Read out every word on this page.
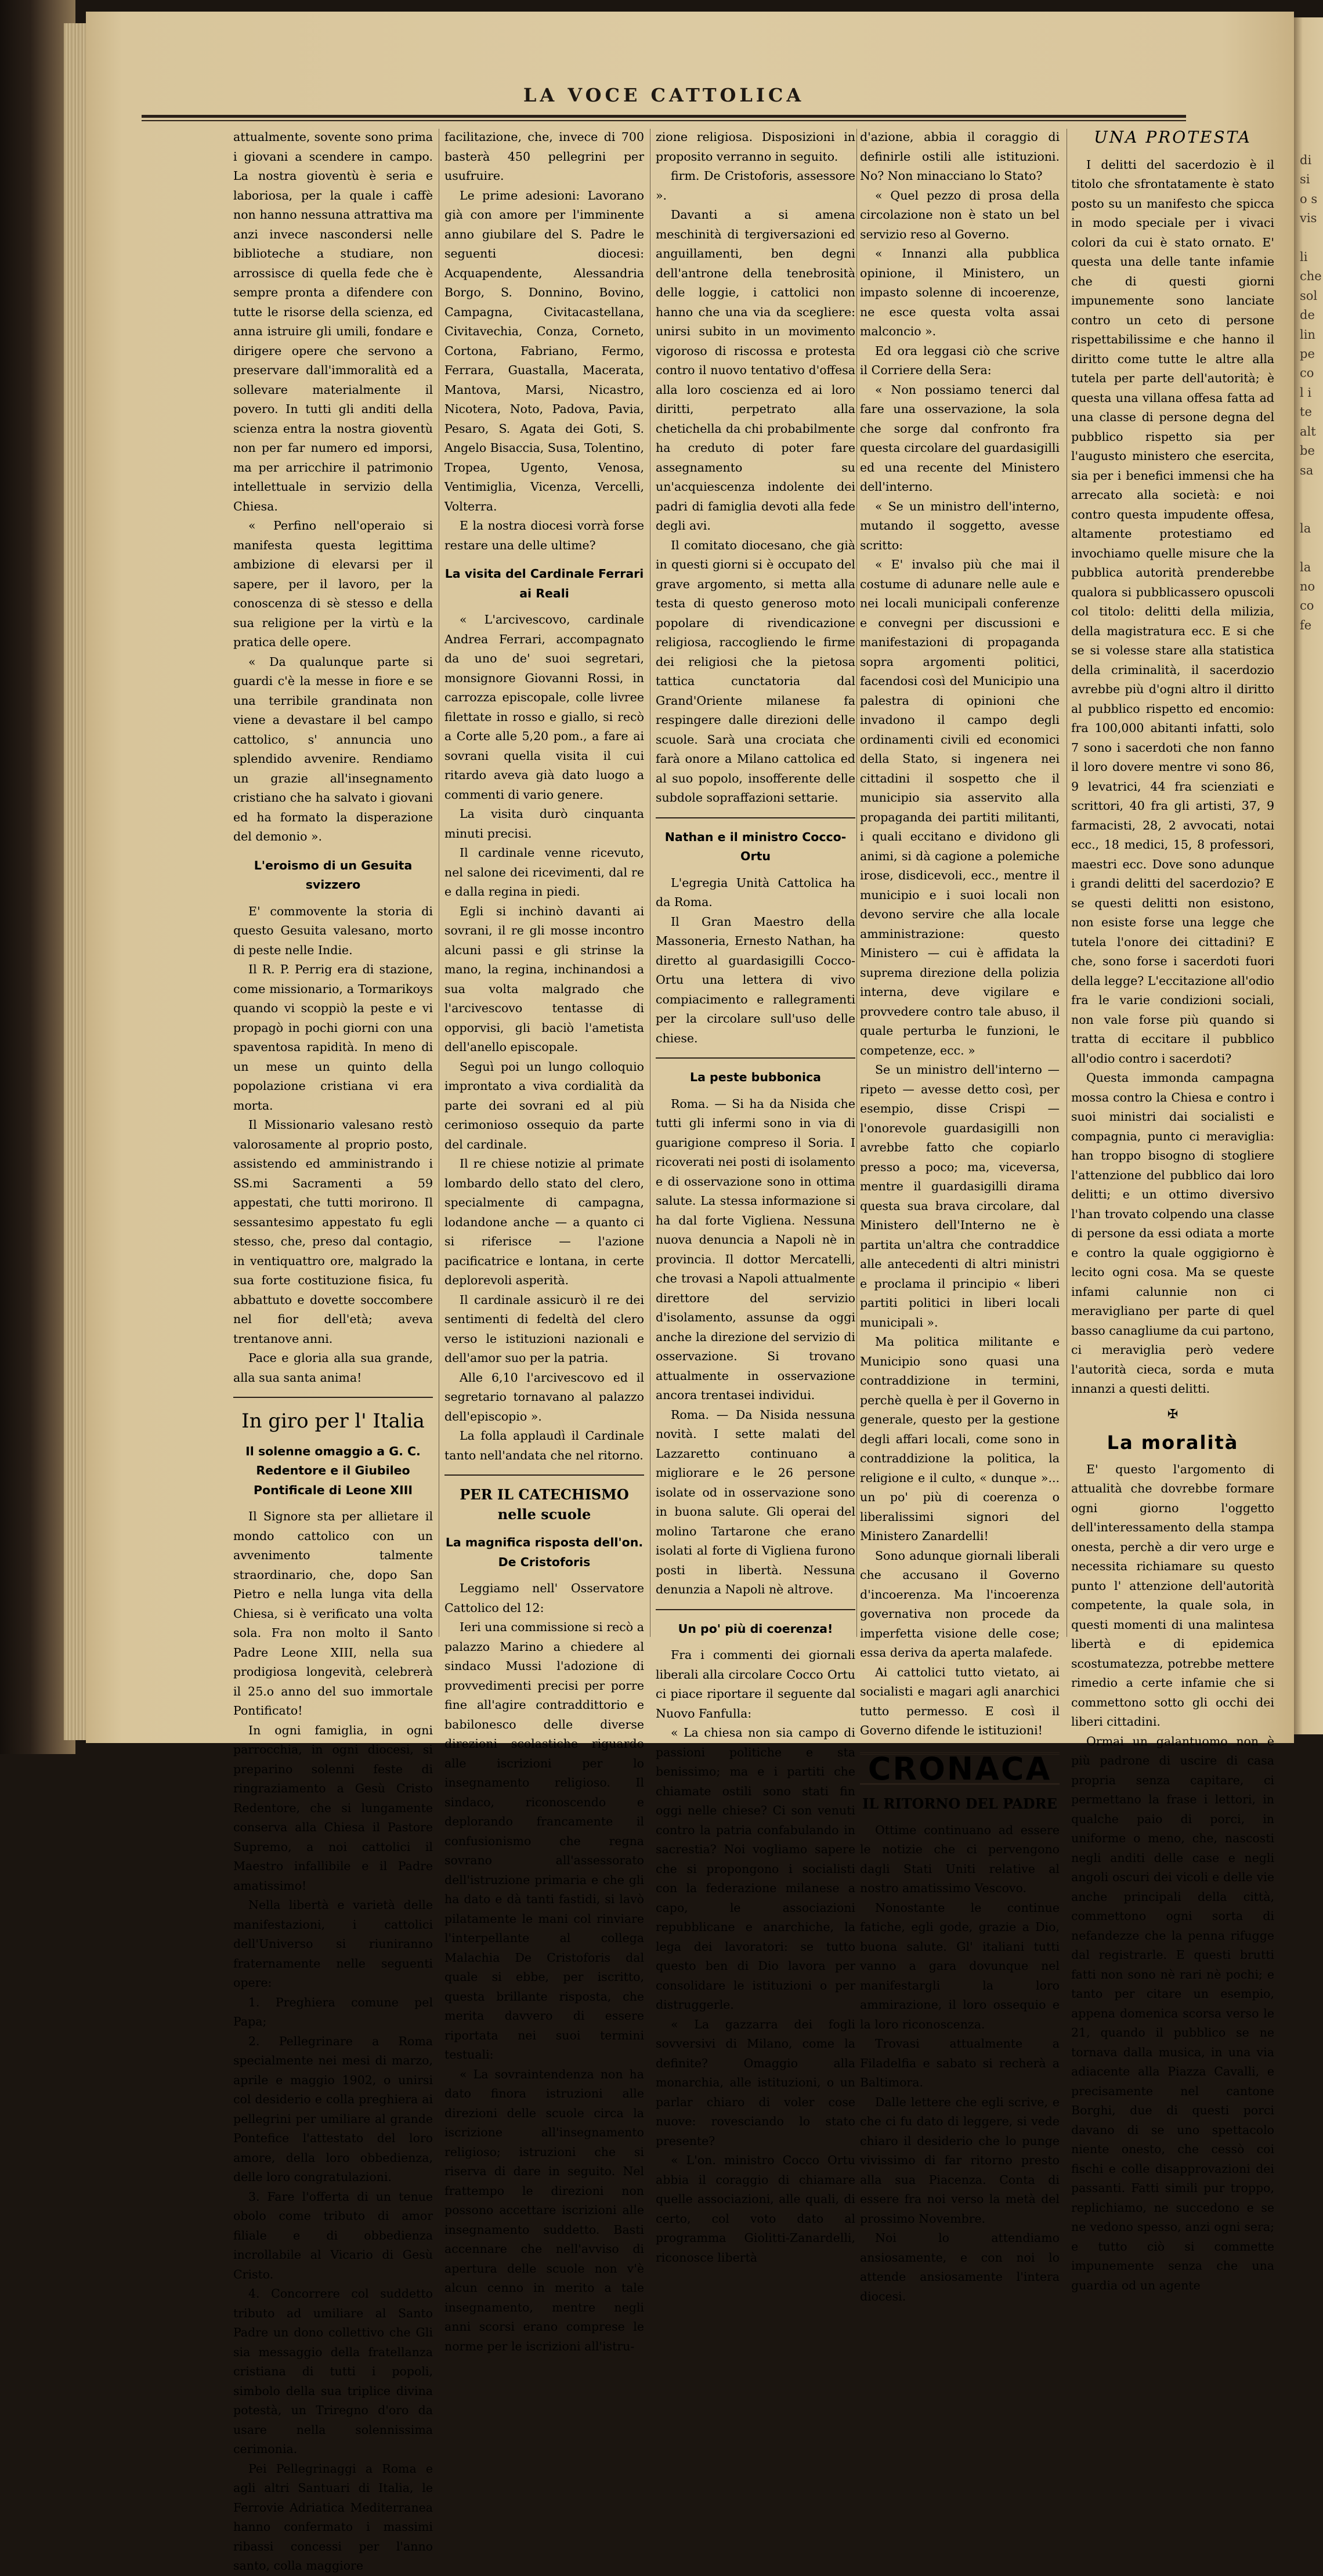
LA VOCE CATTOLICA

attualmente, sovente sono prima i giovani a scendere in campo. La nostra gioventù è seria e laboriosa, per la quale i caffè non hanno nessuna attrattiva ma anzi invece nascondersi nelle biblioteche a studiare, non arrossisce di quella fede che è sempre pronta a difendere con tutte le risorse della scienza, ed anna istruire gli umili, fondare e dirigere opere che servono a preservare dall'immoralità ed a sollevare materialmente il povero. In tutti gli anditi della scienza entra la nostra gioventù non per far numero ed imporsi, ma per arricchire il patrimonio intellettuale in servizio della Chiesa.

« Perfino nell'operaio si manifesta questa legittima ambizione di elevarsi per il sapere, per il lavoro, per la conoscenza di sè stesso e della sua religione per la virtù e la pratica delle opere.

« Da qualunque parte si guardi c'è la messe in fiore e se una terribile grandinata non viene a devastare il bel campo cattolico, s' annuncia uno splendido avvenire. Rendiamo un grazie all'insegnamento cristiano che ha salvato i giovani ed ha formato la disperazione del demonio ».

L'eroismo di un Gesuita svizzero

E' commovente la storia di questo Gesuita valesano, morto di peste nelle Indie.

Il R. P. Perrig era di stazione, come missionario, a Tormarikoys quando vi scoppiò la peste e vi propagò in pochi giorni con una spaventosa rapidità. In meno di un mese un quinto della popolazione cristiana vi era morta.

Il Missionario valesano restò valorosamente al proprio posto, assistendo ed amministrando i SS.mi Sacramenti a 59 appestati, che tutti morirono. Il sessantesimo appestato fu egli stesso, che, preso dal contagio, in ventiquattro ore, malgrado la sua forte costituzione fisica, fu abbattuto e dovette soccombere nel fior dell'età; aveva trentanove anni.

Pace e gloria alla sua grande, alla sua santa anima!

In giro per l' Italia
Il solenne omaggio a G. C. Redentore e il Giubileo Pontificale di Leone XIII

Il Signore sta per allietare il mondo cattolico con un avvenimento talmente straordinario, che, dopo San Pietro e nella lunga vita della Chiesa, si è verificato una volta sola. Fra non molto il Santo Padre Leone XIII, nella sua prodigiosa longevità, celebrerà il 25.o anno del suo immortale Pontificato!

In ogni famiglia, in ogni parrocchia, in ogni diocesi, si preparino solenni feste di ringraziamento a Gesù Cristo Redentore, che si lungamente conserva alla Chiesa il Pastore Supremo, a noi cattolici il Maestro infallibile e il Padre amatissimo!

Nella libertà e varietà delle manifestazioni, i cattolici dell'Universo si riuniranno fraternamente nelle seguenti opere:

1. Preghiera comune pel Papa;

2. Pellegrinare a Roma specialmente nei mesi di marzo, aprile e maggio 1902, o unirsi col desiderio e colla preghiera ai pellegrini per umiliare al grande Pontefice l'attestato del loro amore, della loro obbedienza, delle loro congratulazioni.

3. Fare l'offerta di un tenue obolo come tributo di amor filiale e di obbedienza incrollabile al Vicario di Gesù Cristo.

4. Concorrere col suddetto tributo ad umiliare al Santo Padre un dono collettivo che Gli sia messaggio della fratellanza cristiana di tutti i popoli, simbolo della sua triplice divina potestà, un Triregno d'oro da usare nella solennissima cerimonia.

Pei Pellegrinaggi a Roma e agli altri Santuari di Italia, le Ferrovie Adriatica Mediterranea hanno confermato i massimi ribassi concessi per l'anno santo, colla maggiore

facilitazione, che, invece di 700 basterà 450 pellegrini per usufruire.

Le prime adesioni: Lavorano già con amore per l'imminente anno giubilare del S. Padre le seguenti diocesi: Acquapendente, Alessandria Borgo, S. Donnino, Bovino, Campagna, Civitacastellana, Civitavechia, Conza, Corneto, Cortona, Fabriano, Fermo, Ferrara, Guastalla, Macerata, Mantova, Marsi, Nicastro, Nicotera, Noto, Padova, Pavia, Pesaro, S. Agata dei Goti, S. Angelo Bisaccia, Susa, Tolentino, Tropea, Ugento, Venosa, Ventimiglia, Vicenza, Vercelli, Volterra.

E la nostra diocesi vorrà forse restare una delle ultime?

La visita del Cardinale Ferrari ai Reali

« L'arcivescovo, cardinale Andrea Ferrari, accompagnato da uno de' suoi segretari, monsignore Giovanni Rossi, in carrozza episcopale, colle livree filettate in rosso e giallo, si recò a Corte alle 5,20 pom., a fare ai sovrani quella visita il cui ritardo aveva già dato luogo a commenti di vario genere.

La visita durò cinquanta minuti precisi.

Il cardinale venne ricevuto, nel salone dei ricevimenti, dal re e dalla regina in piedi.

Egli si inchinò davanti ai sovrani, il re gli mosse incontro alcuni passi e gli strinse la mano, la regina, inchinandosi a sua volta malgrado che l'arcivescovo tentasse di opporvisi, gli baciò l'ametista dell'anello episcopale.

Seguì poi un lungo colloquio improntato a viva cordialità da parte dei sovrani ed al più cerimonioso ossequio da parte del cardinale.

Il re chiese notizie al primate lombardo dello stato del clero, specialmente di campagna, lodandone anche — a quanto ci si riferisce — l'azione pacificatrice e lontana, in certe deplorevoli asperità.

Il cardinale assicurò il re dei sentimenti di fedeltà del clero verso le istituzioni nazionali e dell'amor suo per la patria.

Alle 6,10 l'arcivescovo ed il segretario tornavano al palazzo dell'episcopio ».

La folla applaudì il Cardinale tanto nell'andata che nel ritorno.

PER IL CATECHISMO nelle scuole
La magnifica risposta dell'on. De Cristoforis

Leggiamo nell' Osservatore Cattolico del 12:

Ieri una commissione si recò a palazzo Marino a chiedere al sindaco Mussi l'adozione di provvedimenti precisi per porre fine all'agire contraddittorio e babilonesco delle diverse direzioni scolastiche riguardo alle iscrizioni per lo insegnamento religioso. Il sindaco, riconoscendo e deplorando francamente il confusionismo che regna sovrano all'assessorato dell'istruzione primaria e che gli ha dato e dà tanti fastidi, si lavò pilatamente le mani col rinviare l'interpellante al collega Malachia De Cristoforis dal quale si ebbe, per iscritto, questa brillante risposta, che merita davvero di essere riportata nei suoi termini testuali:

« La sovraintendenza non ha dato finora istruzioni alle direzioni delle scuole circa la iscrizione all'insegnamento religioso; istruzioni che si riserva di dare in seguito. Nel frattempo le direzioni non possono accettare iscrizioni alle insegnamento suddetto. Basti accennare che nell'avviso di apertura delle scuole non v'è alcun cenno in merito a tale insegnamento, mentre negli anni scorsi erano comprese le norme per le iscrizioni all'istru-

zione religiosa. Disposizioni in proposito verranno in seguito.

firm. De Cristoforis, assessore ».

Davanti a si amena meschinità di tergiversazioni ed anguillamenti, ben degni dell'antrone della tenebrosità delle loggie, i cattolici non hanno che una via da scegliere: unirsi subito in un movimento vigoroso di riscossa e protesta contro il nuovo tentativo d'offesa alla loro coscienza ed ai loro diritti, perpetrato alla chetichella da chi probabilmente ha creduto di poter fare assegnamento su un'acquiescenza indolente dei padri di famiglia devoti alla fede degli avi.

Il comitato diocesano, che già in questi giorni si è occupato del grave argomento, si metta alla testa di questo generoso moto popolare di rivendicazione religiosa, raccogliendo le firme dei religiosi che la pietosa tattica cunctatoria dal Grand'Oriente milanese fa respingere dalle direzioni delle scuole. Sarà una crociata che farà onore a Milano cattolica ed al suo popolo, insofferente delle subdole sopraffazioni settarie.

Nathan e il ministro Cocco-Ortu

L'egregia Unità Cattolica ha da Roma.

Il Gran Maestro della Massoneria, Ernesto Nathan, ha diretto al guardasigilli Cocco-Ortu una lettera di vivo compiacimento e rallegramenti per la circolare sull'uso delle chiese.

La peste bubbonica

Roma. — Si ha da Nisida che tutti gli infermi sono in via di guarigione compreso il Soria. I ricoverati nei posti di isolamento e di osservazione sono in ottima salute. La stessa informazione si ha dal forte Vigliena. Nessuna nuova denuncia a Napoli nè in provincia. Il dottor Mercatelli, che trovasi a Napoli attualmente direttore del servizio d'isolamento, assunse da oggi anche la direzione del servizio di osservazione. Si trovano attualmente in osservazione ancora trentasei individui.

Roma. — Da Nisida nessuna novità. I sette malati del Lazzaretto continuano a migliorare e le 26 persone isolate od in osservazione sono in buona salute. Gli operai del molino Tartarone che erano isolati al forte di Vigliena furono posti in libertà. Nessuna denunzia a Napoli nè altrove.

Un po' più di coerenza!

Fra i commenti dei giornali liberali alla circolare Cocco Ortu ci piace riportare il seguente dal Nuovo Fanfulla:

« La chiesa non sia campo di passioni politiche e sta benissimo; ma e i partiti che chiamate ostili sono stati fin oggi nelle chiese? Ci son venuti contro la patria confabulando in sacrestia? Noi vogliamo sapere che si propongono i socialisti con la federazione milanese a capo, le associazioni repubblicane e anarchiche, la lega dei lavoratori: se tutto questo ben di Dio lavora per consolidare le istituzioni o per distruggerle.

« La gazzarra dei fogli sovversivi di Milano, come la definite? Omaggio alla monarchia, alle istituzioni, o un parlar chiaro di voler cose nuove: rovesciando lo stato presente?

« L'on. ministro Cocco Ortu abbia il coraggio di chiamare quelle associazioni, alle quali, di certo, col voto dato al programma Giolitti-Zanardelli, riconosce libertà

d'azione, abbia il coraggio di definirle ostili alle istituzioni. No? Non minacciano lo Stato?

« Quel pezzo di prosa della circolazione non è stato un bel servizio reso al Governo.

« Innanzi alla pubblica opinione, il Ministero, un impasto solenne di incoerenze, ne esce questa volta assai malconcio ».

Ed ora leggasi ciò che scrive il Corriere della Sera:

« Non possiamo tenerci dal fare una osservazione, la sola che sorge dal confronto fra questa circolare del guardasigilli ed una recente del Ministero dell'interno.

« Se un ministro dell'interno, mutando il soggetto, avesse scritto:

« E' invalso più che mai il costume di adunare nelle aule e nei locali municipali conferenze e convegni per discussioni e manifestazioni di propaganda sopra argomenti politici, facendosi così del Municipio una palestra di opinioni che invadono il campo degli ordinamenti civili ed economici della Stato, si ingenera nei cittadini il sospetto che il municipio sia asservito alla propaganda dei partiti militanti, i quali eccitano e dividono gli animi, si dà cagione a polemiche irose, disdicevoli, ecc., mentre il municipio e i suoi locali non devono servire che alla locale amministrazione: questo Ministero — cui è affidata la suprema direzione della polizia interna, deve vigilare e provvedere contro tale abuso, il quale perturba le funzioni, le competenze, ecc. »

Se un ministro dell'interno — ripeto — avesse detto così, per esempio, disse Crispi — l'onorevole guardasigilli non avrebbe fatto che copiarlo presso a poco; ma, viceversa, mentre il guardasigilli dirama questa sua brava circolare, dal Ministero dell'Interno ne è partita un'altra che contraddice alle antecedenti di altri ministri e proclama il principio « liberi partiti politici in liberi locali municipali ».

Ma politica militante e Municipio sono quasi una contraddizione in termini, perchè quella è per il Governo in generale, questo per la gestione degli affari locali, come sono in contraddizione la politica, la religione e il culto, « dunque »... un po' più di coerenza o liberalissimi signori del Ministero Zanardelli!

Sono adunque giornali liberali che accusano il Governo d'incoerenza. Ma l'incoerenza governativa non procede da imperfetta visione delle cose; essa deriva da aperta malafede.

Ai cattolici tutto vietato, ai socialisti e magari agli anarchici tutto permesso. E così il Governo difende le istituzioni!

CRONACA
IL RITORNO DEL PADRE

Ottime continuano ad essere le notizie che ci pervengono dagli Stati Uniti relative al nostro amatissimo Vescovo.

Nonostante le continue fatiche, egli gode, grazie a Dio, buona salute. Gl' italiani tutti vanno a gara dovunque nel manifestargli la loro ammirazione, il loro ossequio e la loro riconoscenza.

Trovasi attualmente a Filadelfia e sabato si recherà a Baltimora.

Dalle lettere che egli scrive, e che ci fu dato di leggere, si vede chiaro il desiderio che lo punge vivissimo di far ritorno presto alla sua Piacenza. Conta di essere fra noi verso la metà del prossimo Novembre.

Noi lo attendiamo ansiosamente, e con noi lo attende ansiosamente l'intera diocesi.

UNA PROTESTA

I delitti del sacerdozio è il titolo che sfrontatamente è stato posto su un manifesto che spicca in modo speciale per i vivaci colori da cui è stato ornato. E' questa una delle tante infamie che di questi giorni impunemente sono lanciate contro un ceto di persone rispettabilissime e che hanno il diritto come tutte le altre alla tutela per parte dell'autorità; è questa una villana offesa fatta ad una classe di persone degna del pubblico rispetto sia per l'augusto ministero che esercita, sia per i benefici immensi che ha arrecato alla società: e noi contro questa impudente offesa, altamente protestiamo ed invochiamo quelle misure che la pubblica autorità prenderebbe qualora si pubblicassero opuscoli col titolo: delitti della milizia, della magistratura ecc. E si che se si volesse stare alla statistica della criminalità, il sacerdozio avrebbe più d'ogni altro il diritto al pubblico rispetto ed encomio: fra 100,000 abitanti infatti, solo 7 sono i sacerdoti che non fanno il loro dovere mentre vi sono 86, 9 levatrici, 44 fra scienziati e scrittori, 40 fra gli artisti, 37, 9 farmacisti, 28, 2 avvocati, notai ecc., 18 medici, 15, 8 professori, maestri ecc. Dove sono adunque i grandi delitti del sacerdozio? E se questi delitti non esistono, non esiste forse una legge che tutela l'onore dei cittadini? E che, sono forse i sacerdoti fuori della legge? L'eccitazione all'odio fra le varie condizioni sociali, non vale forse più quando si tratta di eccitare il pubblico all'odio contro i sacerdoti?

Questa immonda campagna mossa contro la Chiesa e contro i suoi ministri dai socialisti e compagnia, punto ci meraviglia: han troppo bisogno di stogliere l'attenzione del pubblico dai loro delitti; e un ottimo diversivo l'han trovato colpendo una classe di persone da essi odiata a morte e contro la quale oggigiorno è lecito ogni cosa. Ma se queste infami calunnie non ci meravigliano per parte di quel basso canagliume da cui partono, ci meraviglia però vedere l'autorità cieca, sorda e muta innanzi a questi delitti.

✠
La moralità

E' questo l'argomento di attualità che dovrebbe formare ogni giorno l'oggetto dell'interessamento della stampa onesta, perchè a dir vero urge e necessita richiamare su questo punto l' attenzione dell'autorità competente, la quale sola, in questi momenti di una malintesa libertà e di epidemica scostumatezza, potrebbe mettere rimedio a certe infamie che si commettono sotto gli occhi dei liberi cittadini.

Ormai un galantuomo non è più padrone di uscire di casa propria senza capitare, ci permettano la frase i lettori, in qualche paio di porci, in uniforme o meno, che, nascosti negli anditi delle case e negli angoli oscuri dei vicoli e delle vie anche principali della città, commettono ogni sorta di nefandezze che la penna rifugge dal registrarle. E questi brutti fatti non sono nè rari nè pochi; e tanto per citare un esempio, appena domenica scorsa verso le 21, quando il pubblico se ne tornava dalla musica, in una via adiacente alla Piazza Cavalli, e precisamente nel cantone Borghi, due di questi porci davano di se uno spettacolo niente onesto, che cessò coi fischi e colle disapprovazioni dei passanti. Fatti simili pur troppo, replichiamo, ne succedono e se ne vedono spesso, anzi ogni sera; e tutto ciò si commette impunemente senza che una guardia od un agente

di
si
o s
vis

li
che
sol
de
lin
pe
co
l i
te
alt
be
sa

la

la
no
co
fe
